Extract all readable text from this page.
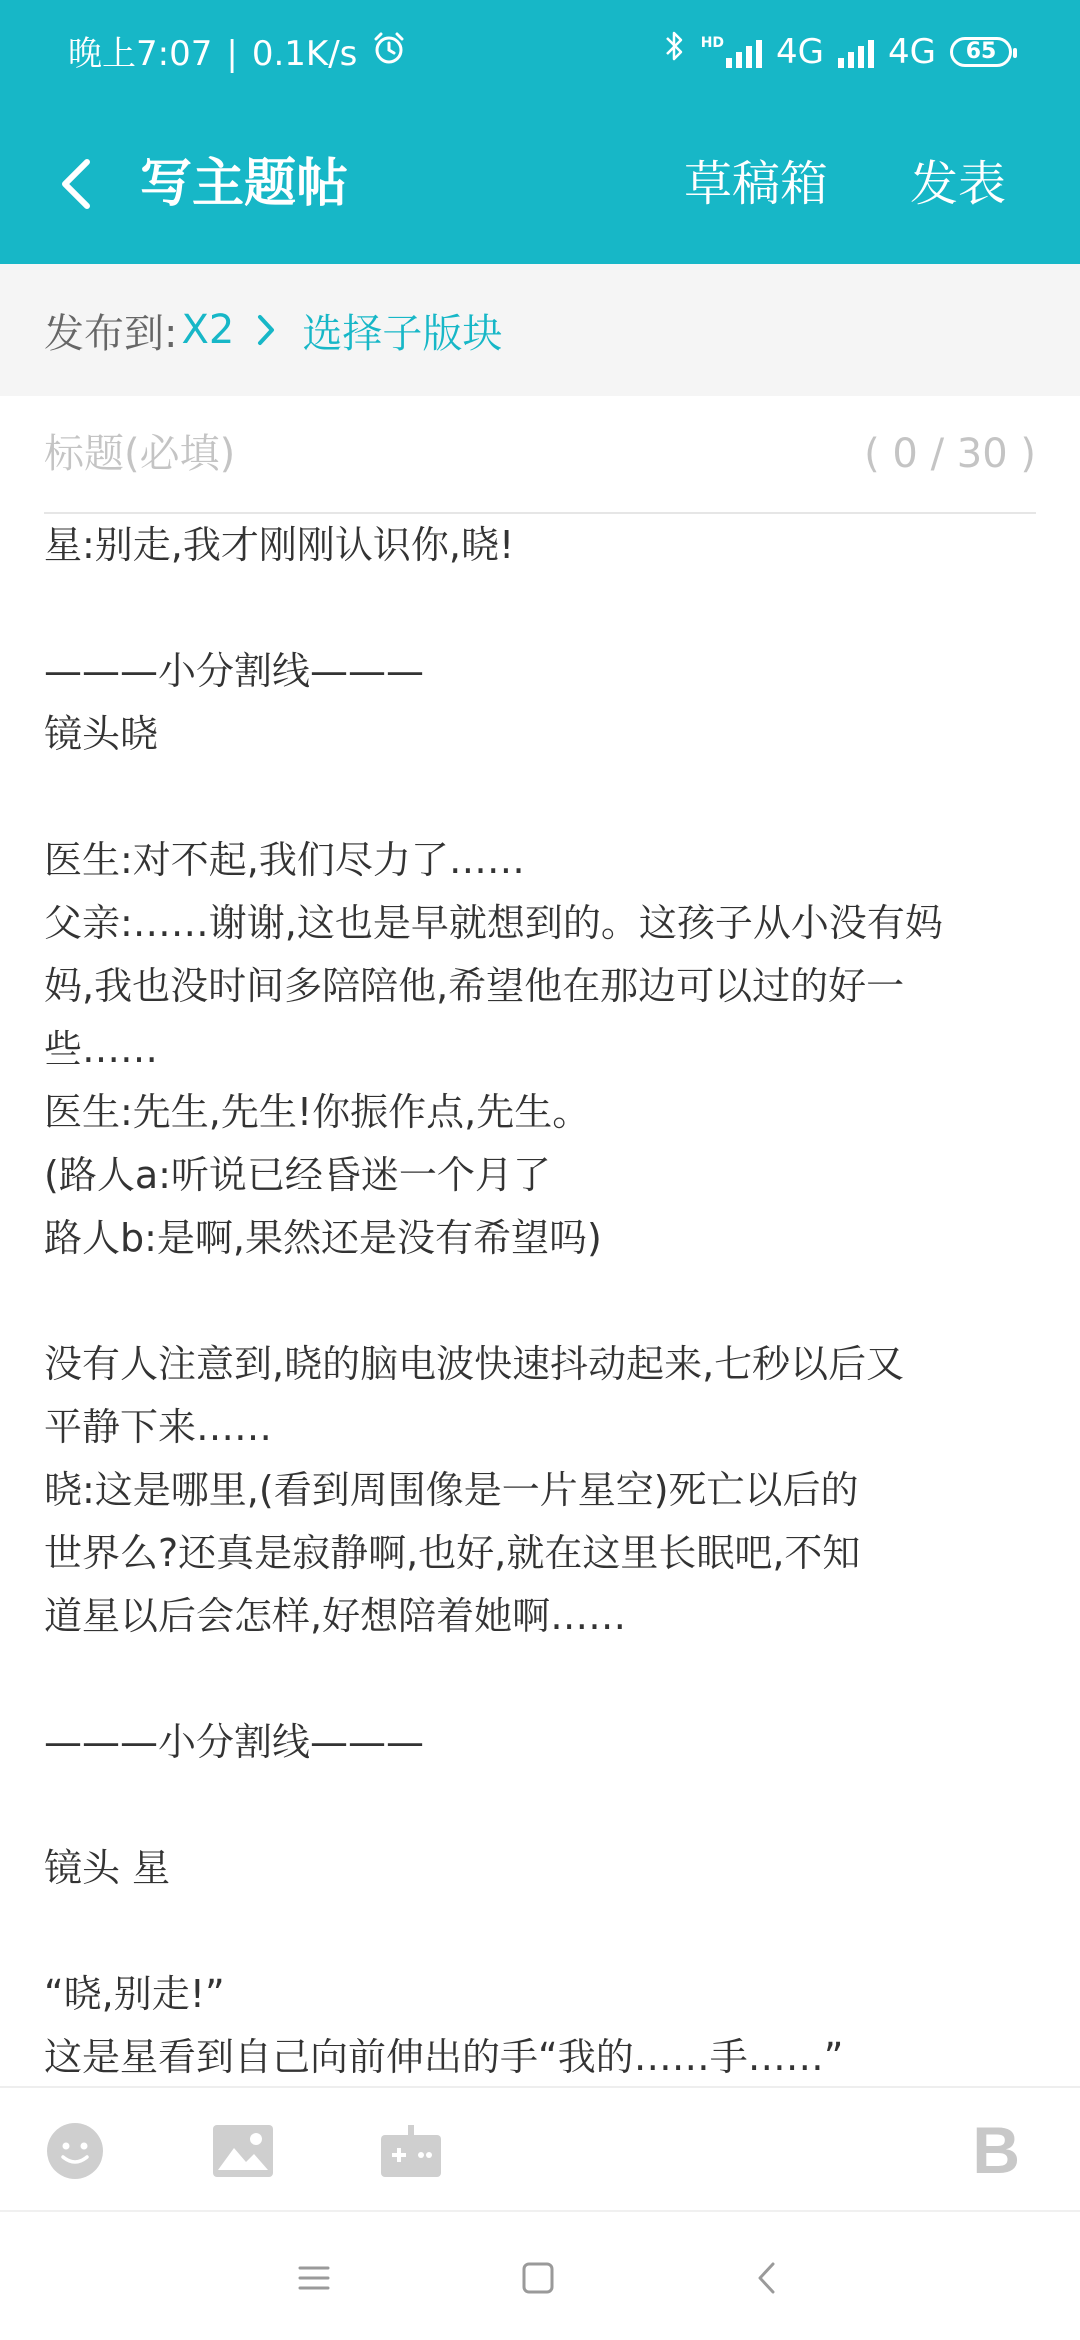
晚上7:07 | 0.1K/s	HD 4G 4G 65
写主题帖	草稿箱 发表
发布到: X2 选择子版块
标题(必填)
( 0 / 30 )
星:别走,我才刚刚认识你,晓!
———小分割线———
镜头晓
医生:对不起,我们尽力了……
父亲:……谢谢,这也是早就想到的。这孩子从小没有妈
妈,我也没时间多陪陪他,希望他在那边可以过的好一
些……
医生:先生,先生!你振作点,先生。
(路人a:听说已经昏迷一个月了
路人b:是啊,果然还是没有希望吗)
没有人注意到,晓的脑电波快速抖动起来,七秒以后又
平静下来……
晓:这是哪里,(看到周围像是一片星空)死亡以后的
世界么?还真是寂静啊,也好,就在这里长眠吧,不知
道星以后会怎样,好想陪着她啊……
———小分割线———
镜头 星
“晓,别走!”
这是星看到自己向前伸出的手“我的……手……”
B
